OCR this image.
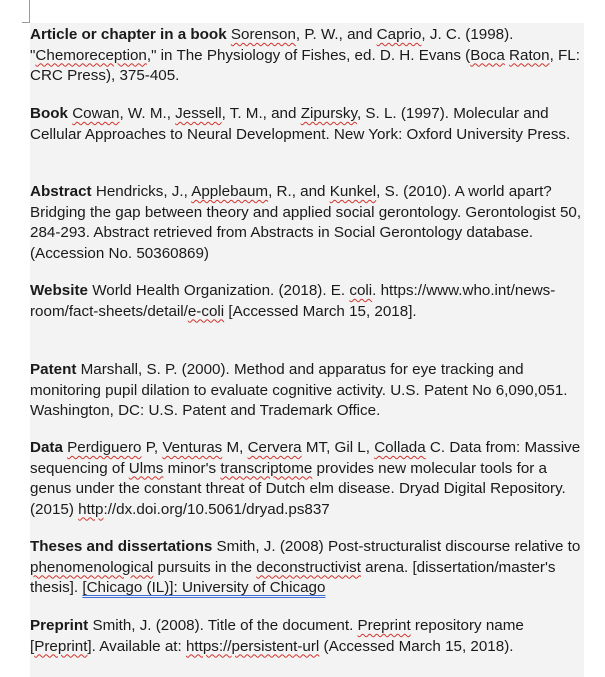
Article or chapter in a book Sorenson, P. W., and Caprio, J. C. (1998). "Chemoreception," in The Physiology of Fishes, ed. D. H. Evans (Boca Raton, FL: CRC Press), 375-405.

Book Cowan, W. M., Jessell, T. M., and Zipursky, S. L. (1997). Molecular and Cellular Approaches to Neural Development. New York: Oxford University Press.

Abstract Hendricks, J., Applebaum, R., and Kunkel, S. (2010). A world apart? Bridging the gap between theory and applied social gerontology. Gerontologist 50, 284-293. Abstract retrieved from Abstracts in Social Gerontology database. (Accession No. 50360869)

Website World Health Organization. (2018). E. coli. https://www.who.int/news-room/fact-sheets/detail/e-coli [Accessed March 15, 2018].

Patent Marshall, S. P. (2000). Method and apparatus for eye tracking and monitoring pupil dilation to evaluate cognitive activity. U.S. Patent No 6,090,051. Washington, DC: U.S. Patent and Trademark Office.

Data Perdiguero P, Venturas M, Cervera MT, Gil L, Collada C. Data from: Massive sequencing of Ulms minor's transcriptome provides new molecular tools for a genus under the constant threat of Dutch elm disease. Dryad Digital Repository. (2015) http://dx.doi.org/10.5061/dryad.ps837

Theses and dissertations Smith, J. (2008) Post-structuralist discourse relative to phenomenological pursuits in the deconstructivist arena. [dissertation/master's thesis]. [Chicago (IL)]: University of Chicago

Preprint Smith, J. (2008). Title of the document. Preprint repository name [Preprint]. Available at: https://persistent-url (Accessed March 15, 2018).
